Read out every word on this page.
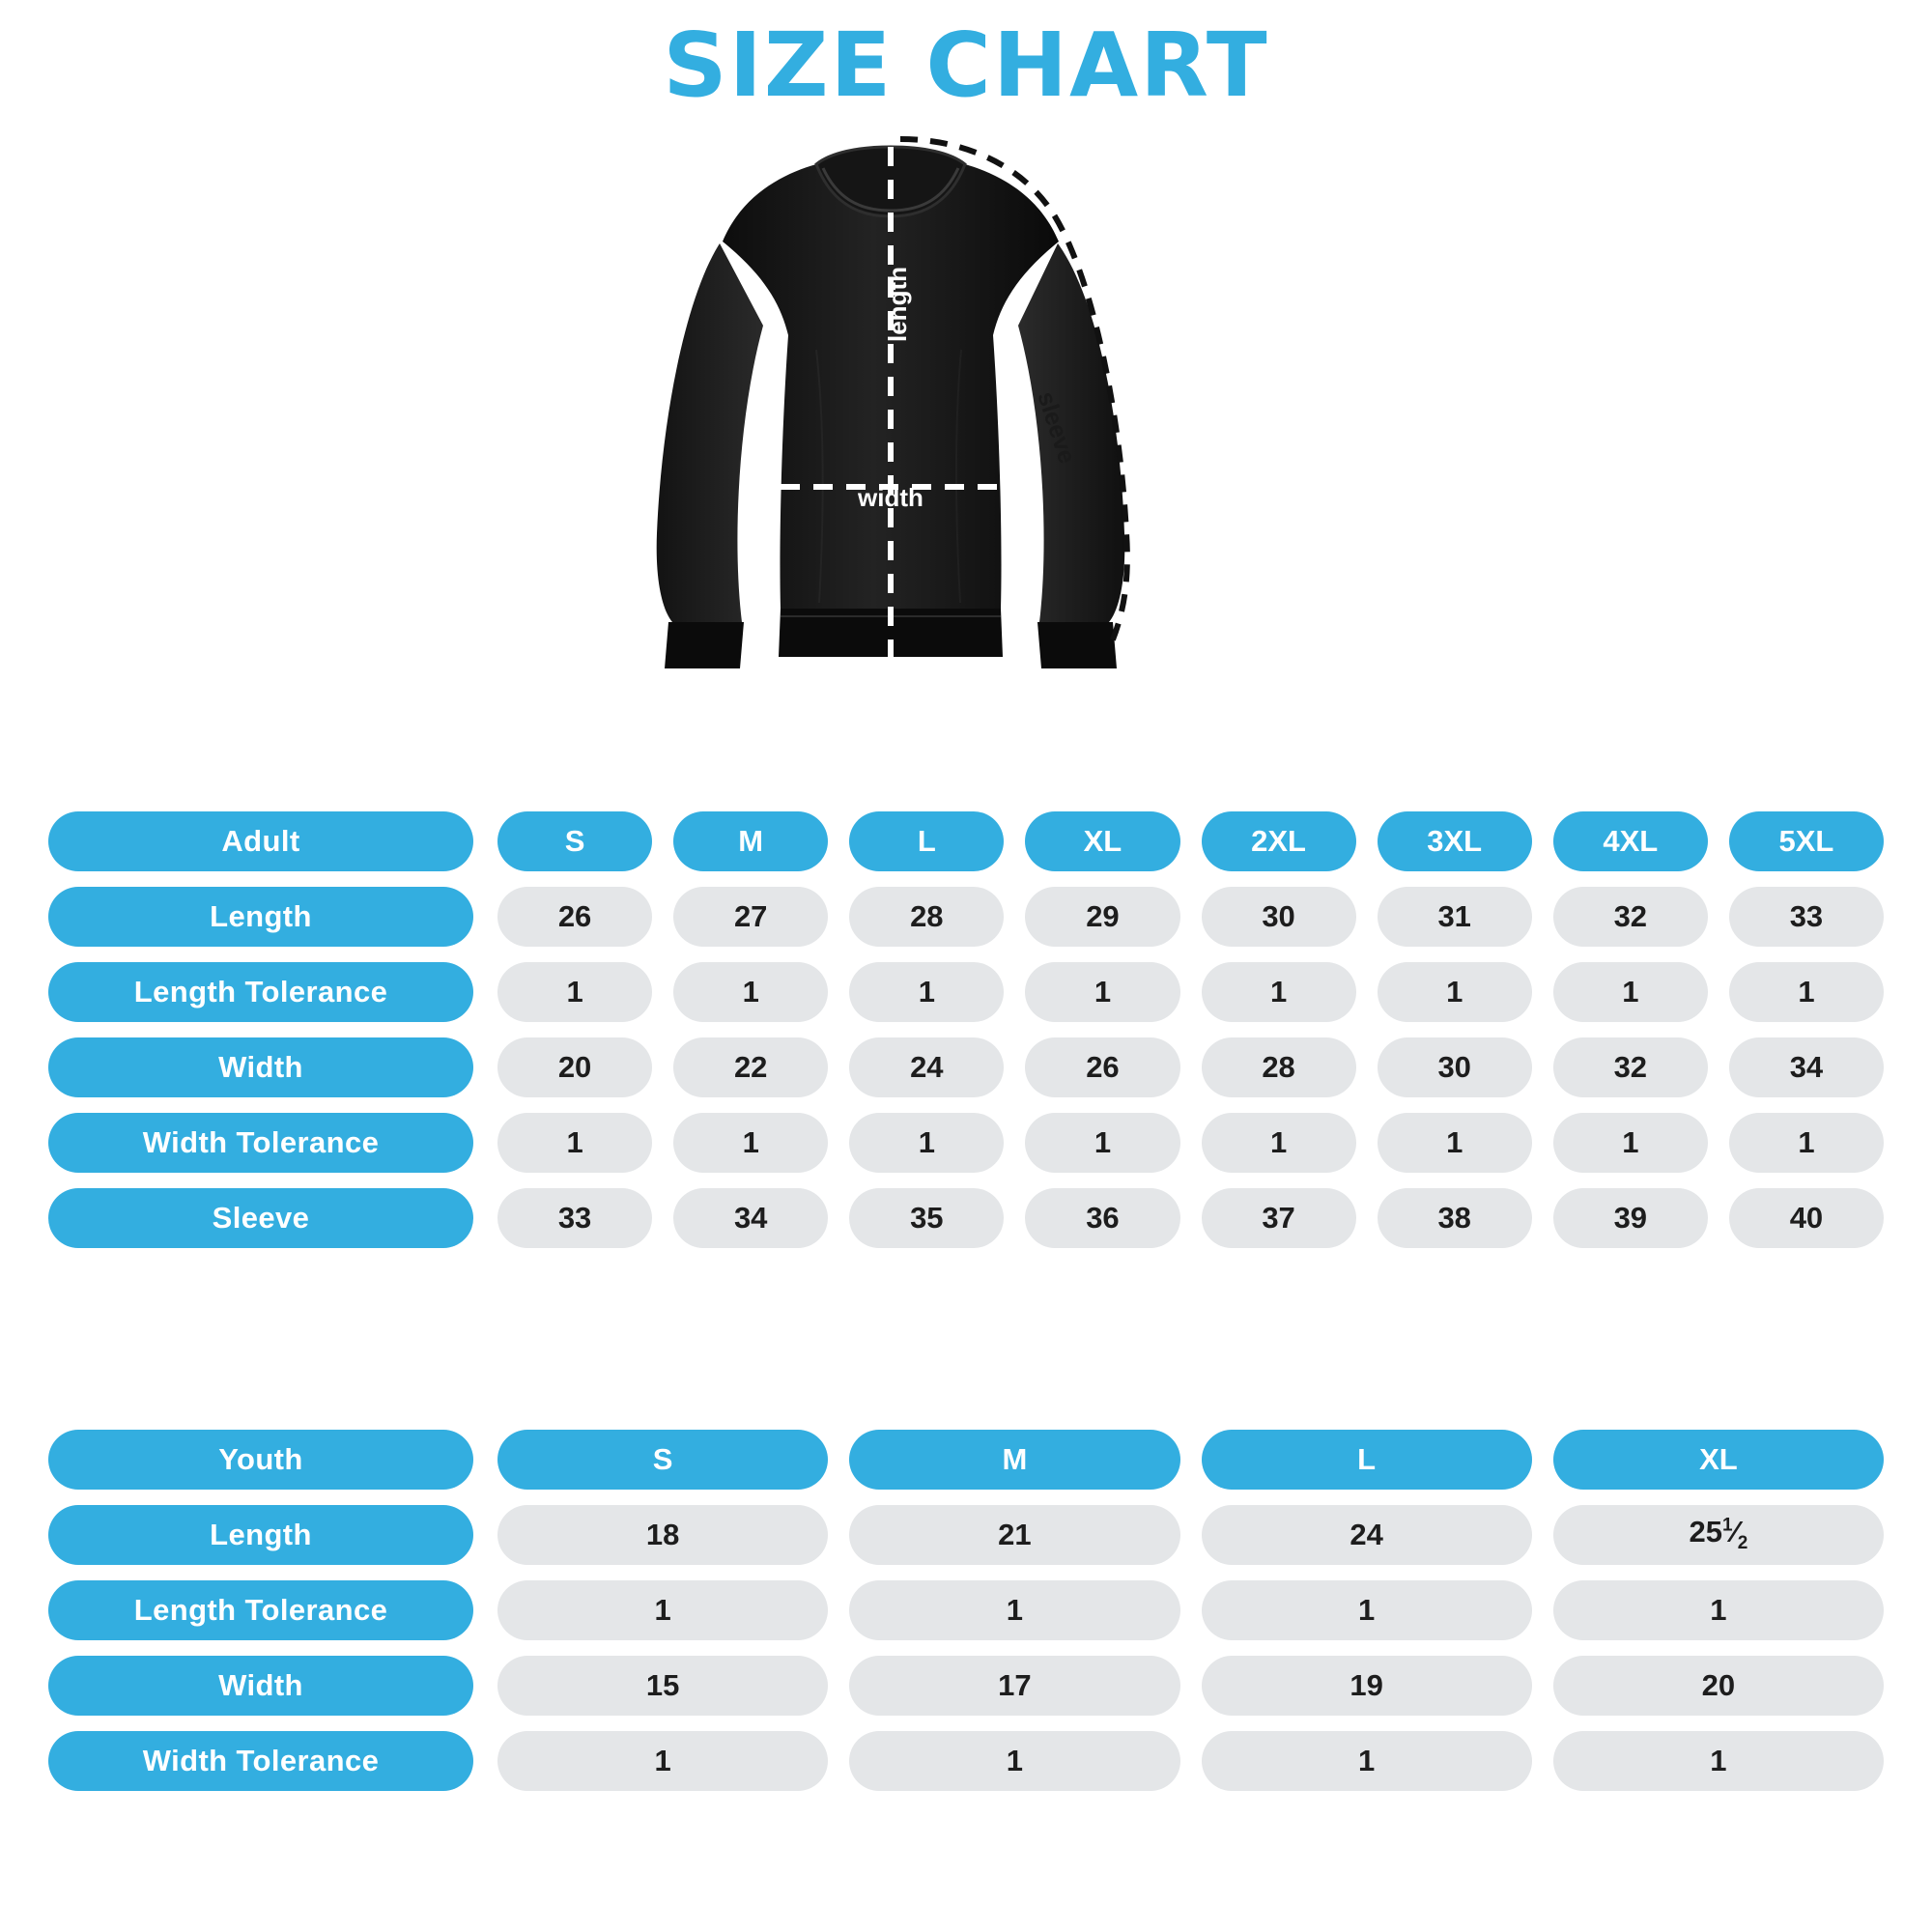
SIZE CHART
width
length
sleeve
Adult	S	M	L	XL	2XL	3XL	4XL	5XL
Length	26	27	28	29	30	31	32	33
Length Tolerance	1	1	1	1	1	1	1	1
Width	20	22	24	26	28	30	32	34
Width Tolerance	1	1	1	1	1	1	1	1
Sleeve	33	34	35	36	37	38	39	40
Youth	S	M	L	XL
Length	18	21	24	$25^1⁄_2$
Length Tolerance	1	1	1	1
Width	15	17	19	20
Width Tolerance	1	1	1	1
